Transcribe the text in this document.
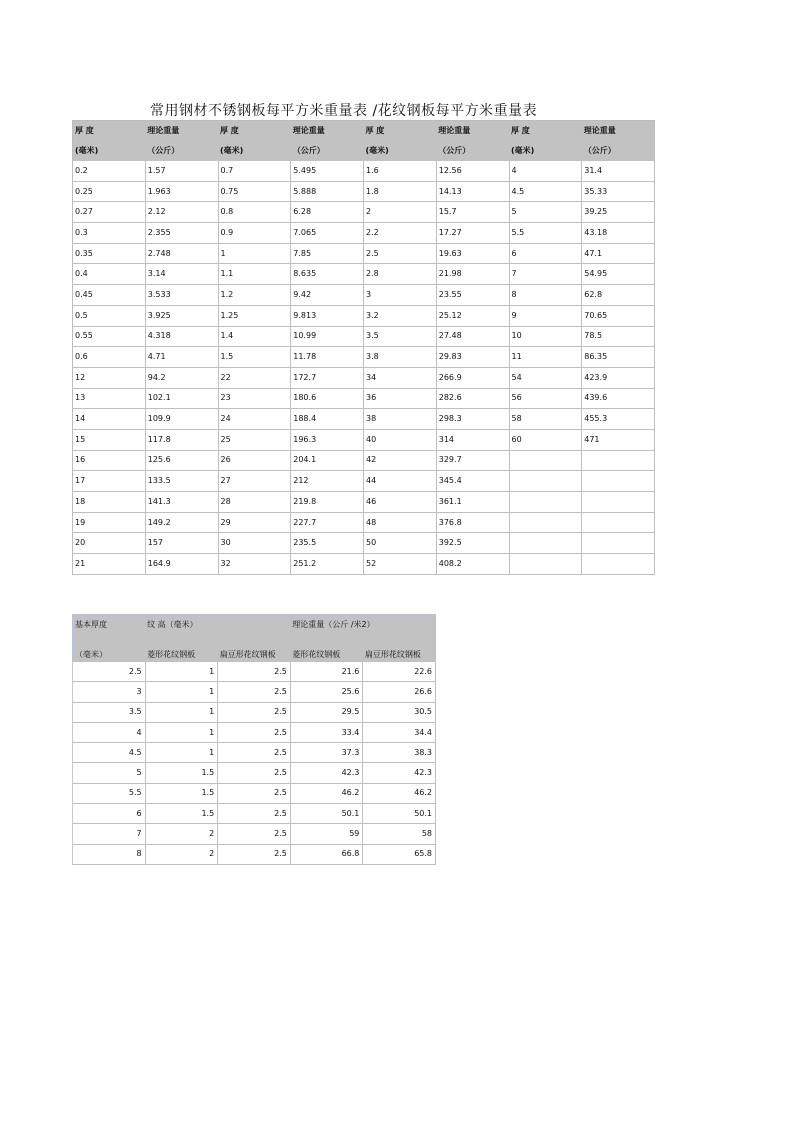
常用钢材不锈钢板每平方米重量表 /花纹钢板每平方米重量表
厚 度	理论重量	厚 度	理论重量	厚 度	理论重量	厚 度	理论重量
(毫米)	（公斤）	(毫米)	（公斤）	(毫米)	（公斤）	(毫米)	（公斤）
0.2	1.57	0.7	5.495	1.6	12.56	4	31.4
0.25	1.963	0.75	5.888	1.8	14.13	4.5	35.33
0.27	2.12	0.8	6.28	2	15.7	5	39.25
0.3	2.355	0.9	7.065	2.2	17.27	5.5	43.18
0.35	2.748	1	7.85	2.5	19.63	6	47.1
0.4	3.14	1.1	8.635	2.8	21.98	7	54.95
0.45	3.533	1.2	9.42	3	23.55	8	62.8
0.5	3.925	1.25	9.813	3.2	25.12	9	70.65
0.55	4.318	1.4	10.99	3.5	27.48	10	78.5
0.6	4.71	1.5	11.78	3.8	29.83	11	86.35
12	94.2	22	172.7	34	266.9	54	423.9
13	102.1	23	180.6	36	282.6	56	439.6
14	109.9	24	188.4	38	298.3	58	455.3
15	117.8	25	196.3	40	314	60	471
16	125.6	26	204.1	42	329.7		
17	133.5	27	212	44	345.4		
18	141.3	28	219.8	46	361.1		
19	149.2	29	227.7	48	376.8		
20	157	30	235.5	50	392.5		
21	164.9	32	251.2	52	408.2		
基本厚度	纹 高（毫米）		理论重量（公斤 /米2）	
（毫米）	菱形花纹钢板	扁豆形花纹钢板	菱形花纹钢板	扁豆形花纹钢板
2.5	1	2.5	21.6	22.6
3	1	2.5	25.6	26.6
3.5	1	2.5	29.5	30.5
4	1	2.5	33.4	34.4
4.5	1	2.5	37.3	38.3
5	1.5	2.5	42.3	42.3
5.5	1.5	2.5	46.2	46.2
6	1.5	2.5	50.1	50.1
7	2	2.5	59	58
8	2	2.5	66.8	65.8
